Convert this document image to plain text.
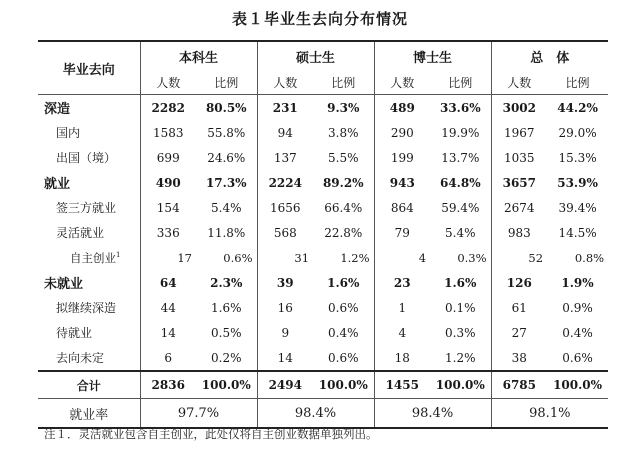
表１毕业生去向分布情况
毕业去向	本科生		硕士生		博士生		总　体	
	人数	比例	人数	比例	人数	比例	人数	比例
深造	2282	80.5%	231	9.3%	489	33.6%	3002	44.2%
国内	1583	55.8%	94	3.8%	290	19.9%	1967	29.0%
出国（境）	699	24.6%	137	5.5%	199	13.7%	1035	15.3%
就业	490	17.3%	2224	89.2%	943	64.8%	3657	53.9%
签三方就业	154	5.4%	1656	66.4%	864	59.4%	2674	39.4%
灵活就业	336	11.8%	568	22.8%	79	5.4%	983	14.5%
自主创业$^1$	17	0.6%	31	1.2%	4	0.3%	52	0.8%
未就业	64	2.3%	39	1.6%	23	1.6%	126	1.9%
拟继续深造	44	1.6%	16	0.6%	1	0.1%	61	0.9%
待就业	14	0.5%	9	0.4%	4	0.3%	27	0.4%
去向未定	6	0.2%	14	0.6%	18	1.2%	38	0.6%
合计	2836	100.0%	2494	100.0%	1455	100.0%	6785	100.0%
就业率	97.7%		98.4%		98.4%		98.1%	
注１．灵活就业包含自主创业，此处仅将自主创业数据单独列出。
